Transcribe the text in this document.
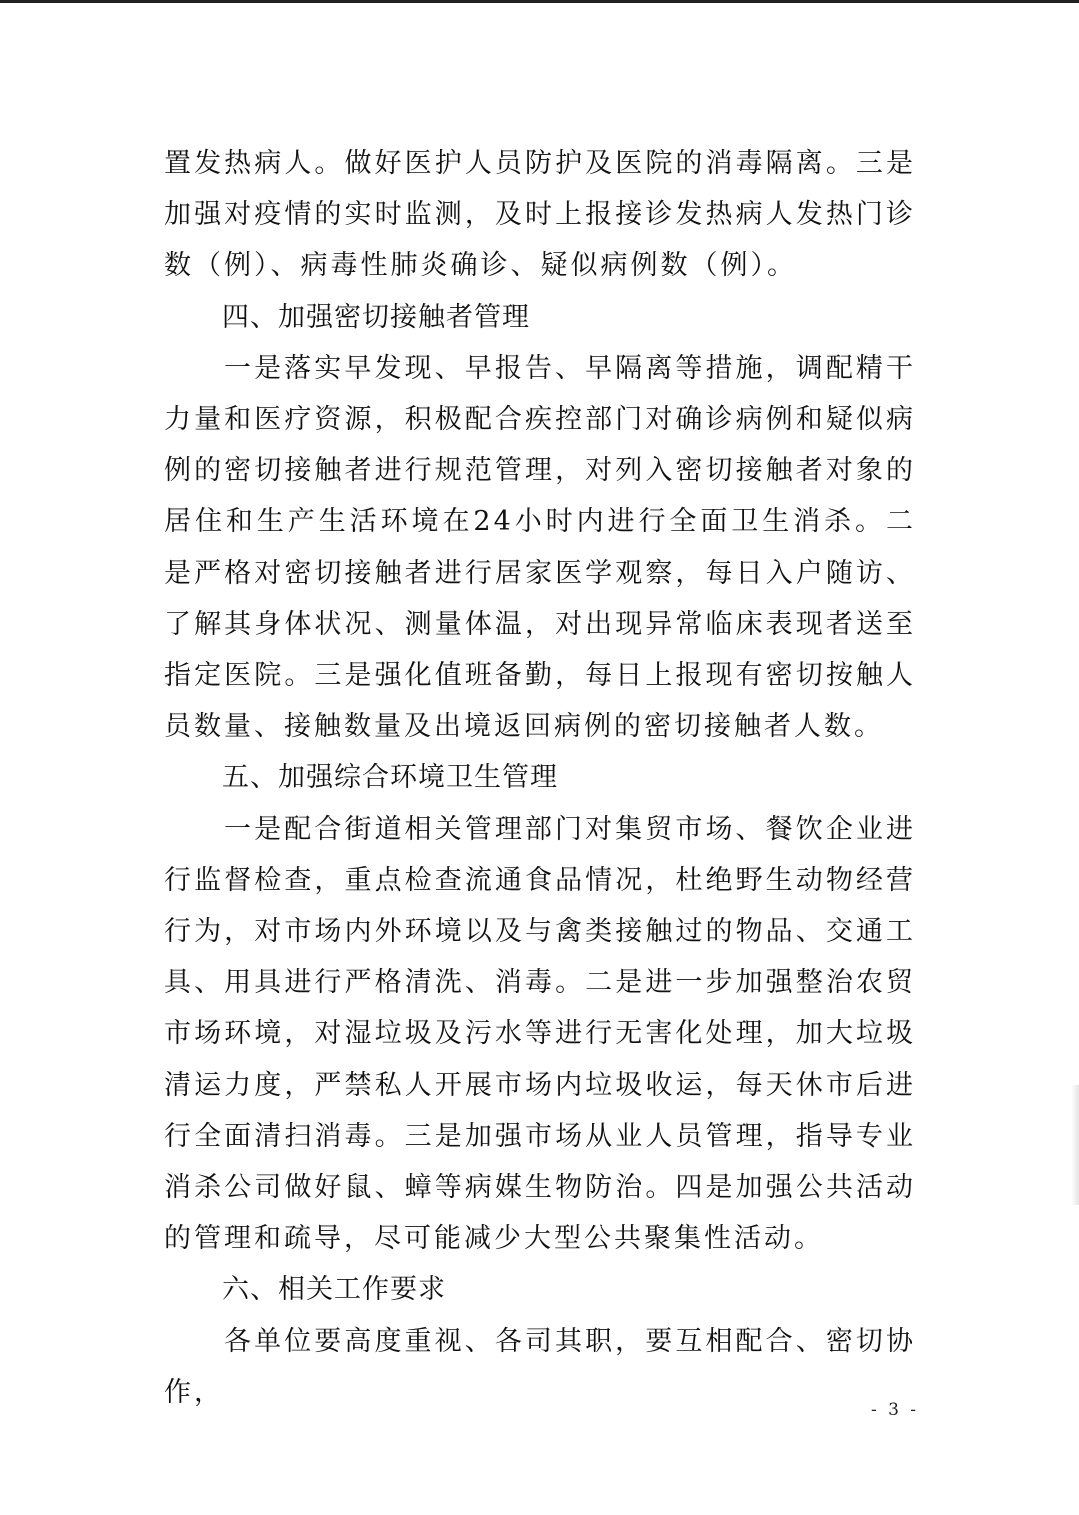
置发热病人。做好医护人员防护及医院的消毒隔离。三是加强对疫情的实时监测，及时上报接诊发热病人发热门诊数（例）、病毒性肺炎确诊、疑似病例数（例）。

四、加强密切接触者管理

一是落实早发现、早报告、早隔离等措施，调配精干力量和医疗资源，积极配合疾控部门对确诊病例和疑似病例的密切接触者进行规范管理，对列入密切接触者对象的居住和生产生活环境在24小时内进行全面卫生消杀。二是严格对密切接触者进行居家医学观察，每日入户随访、了解其身体状况、测量体温，对出现异常临床表现者送至指定医院。三是强化值班备勤，每日上报现有密切按触人员数量、接触数量及出境返回病例的密切接触者人数。

五、加强综合环境卫生管理

一是配合街道相关管理部门对集贸市场、餐饮企业进行监督检查，重点检查流通食品情况，杜绝野生动物经营行为，对市场内外环境以及与禽类接触过的物品、交通工具、用具进行严格清洗、消毒。二是进一步加强整治农贸市场环境，对湿垃圾及污水等进行无害化处理，加大垃圾清运力度，严禁私人开展市场内垃圾收运，每天休市后进行全面清扫消毒。三是加强市场从业人员管理，指导专业消杀公司做好鼠、蟑等病媒生物防治。四是加强公共活动的管理和疏导，尽可能减少大型公共聚集性活动。

六、相关工作要求

各单位要高度重视、各司其职，要互相配合、密切协作，

- 3 -
